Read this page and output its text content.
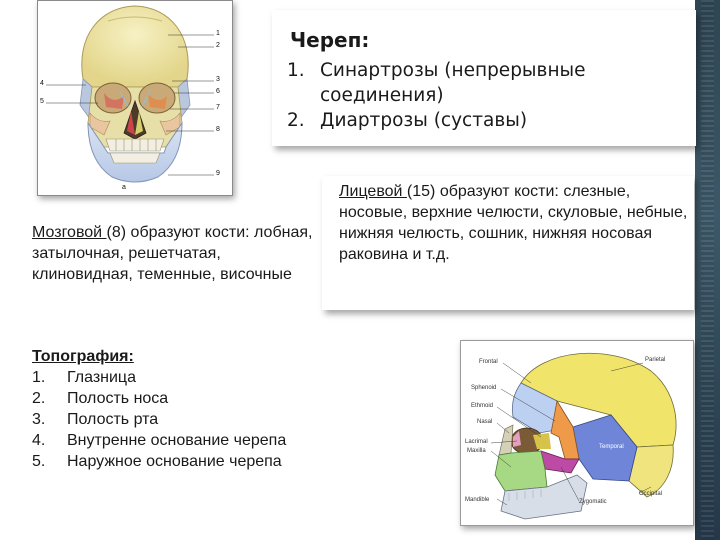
1
2
3
6
7
8
9
4
5
a
Череп:
1. Синартрозы (непрерывные соединения)
2. Диартрозы (суставы)
Лицевой (15) образуют кости: слезные, носовые, верхние челюсти, скуловые, небные, нижняя челюсть, сошник, нижняя носовая раковина и т.д.
Мозговой (8) образуют кости: лобная, затылочная, решетчатая, клиновидная, теменные, височные
Топография:
1. Глазница
2. Полость носа
3. Полость рта
4. Внутренне основание черепа
5. Наружное основание черепа
Parietal
Frontal
Sphenoid
Ethmoid
Nasal
Lacrimal
Maxilla
Temporal
Zygomatic
Occipital
Mandible
